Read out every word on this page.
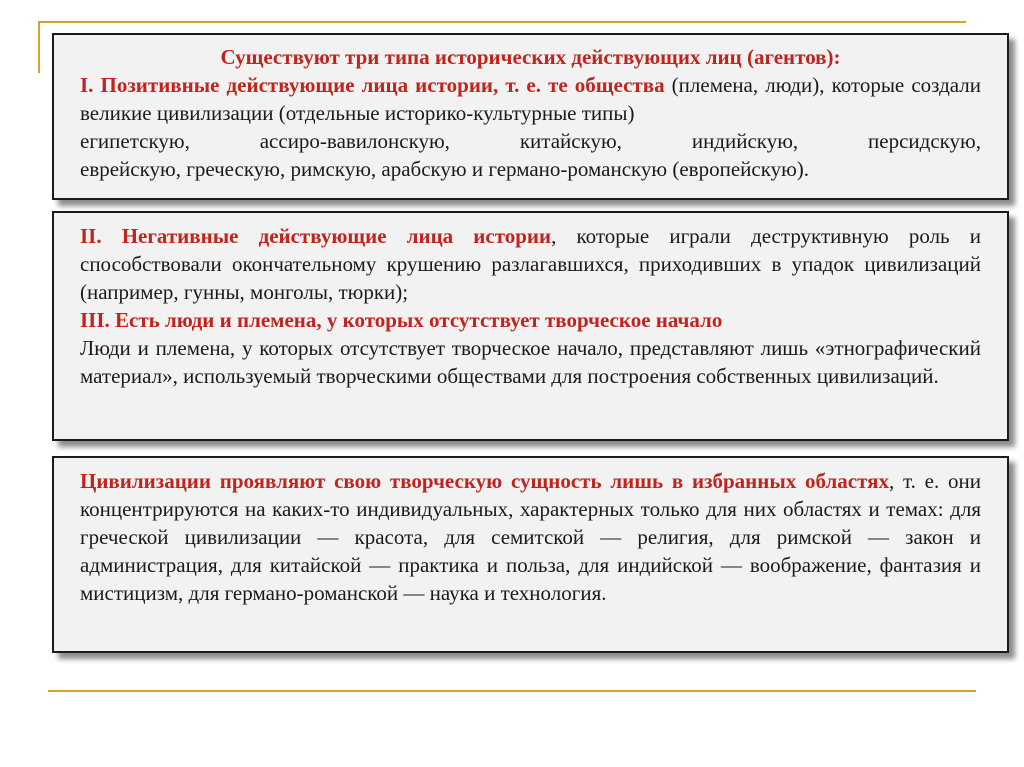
Существуют три типа исторических действующих лиц (агентов):

I. Позитивные действующие лица истории, т. е. те общества (племена, люди), которые создали великие цивилизации (отдельные историко-культурные типы)

египетскую,	ассиро-вавилонскую,	китайскую,	индийскую,	персидскую,

еврейскую, греческую, римскую, арабскую и германо-романскую (европейскую).

II. Негативные действующие лица истории, которые играли деструктивную роль и способствовали окончательному крушению разлагавшихся, приходивших в упадок цивилизаций (например, гунны, монголы, тюрки);

III. Есть люди и племена, у которых отсутствует творческое начало

Люди и племена, у которых отсутствует творческое начало, представляют лишь «этнографический материал», используемый творческими обществами для построения собственных цивилизаций.

Цивилизации проявляют свою творческую сущность лишь в избранных областях, т. е. они концентрируются на каких-то индивидуальных, характерных только для них областях и темах: для греческой цивилизации — красота, для семитской — религия, для римской — закон и администрация, для китайской — практика и польза, для индийской — воображение, фантазия и мистицизм, для германо-романской — наука и технология.
